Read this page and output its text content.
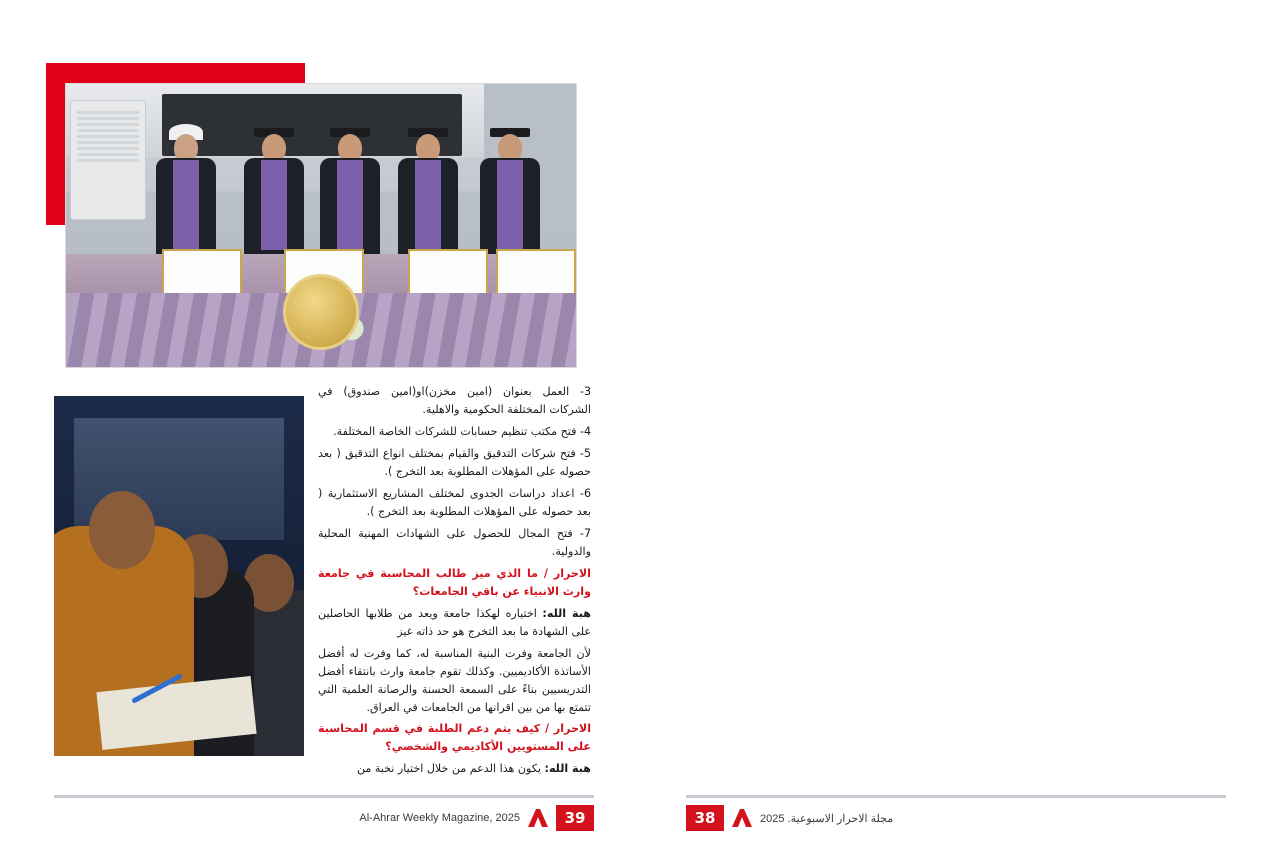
3- العمل بعنوان (امين مخزن)او(امين صندوق) في الشركات المختلفة الحكومية والاهلية.

4- فتح مكتب تنظيم حسابات للشركات الخاصة المختلفة.

5- فتح شركات التدقيق والقيام بمختلف انواع التدقيق ( بعد حصوله على المؤهلات المطلوبة بعد التخرج ).

6- اعداد دراسات الجدوى لمختلف المشاريع الاستثمارية ( بعد حصوله على المؤهلات المطلوبة بعد التخرج ).

7- فتح المجال للحصول على الشهادات المهنية المحلية والدولية.

الاحرار / ما الذي ميز طالب المحاسبة في جامعة وارث الانبياء عن باقي الجامعات؟

هبة الله: اختياره لهكذا جامعة ويعد من طلابها الحاصلين على الشهادة ما بعد التخرج هو حد ذاته غيز

لأن الجامعة وفرت البنية المناسبة له، كما وفرت له أفضل الأساتذة الأكاديميين. وكذلك تقوم جامعة وارث بانتقاء أفضل التدريسيين بناءً على السمعة الحسنة والرصانة العلمية التي تتمتع بها من بين اقرانها من الجامعات في العراق.

الاحرار / كيف يتم دعم الطلبة في قسم المحاسبة على المستويين الأكاديمي والشخصي؟

هبة الله: يكون هذا الدعم من خلال اختيار نخبة من

39
Al-Ahrar Weekly Magazine, 2025	38	مجلة الاحرار الاسبوعية. 2025
